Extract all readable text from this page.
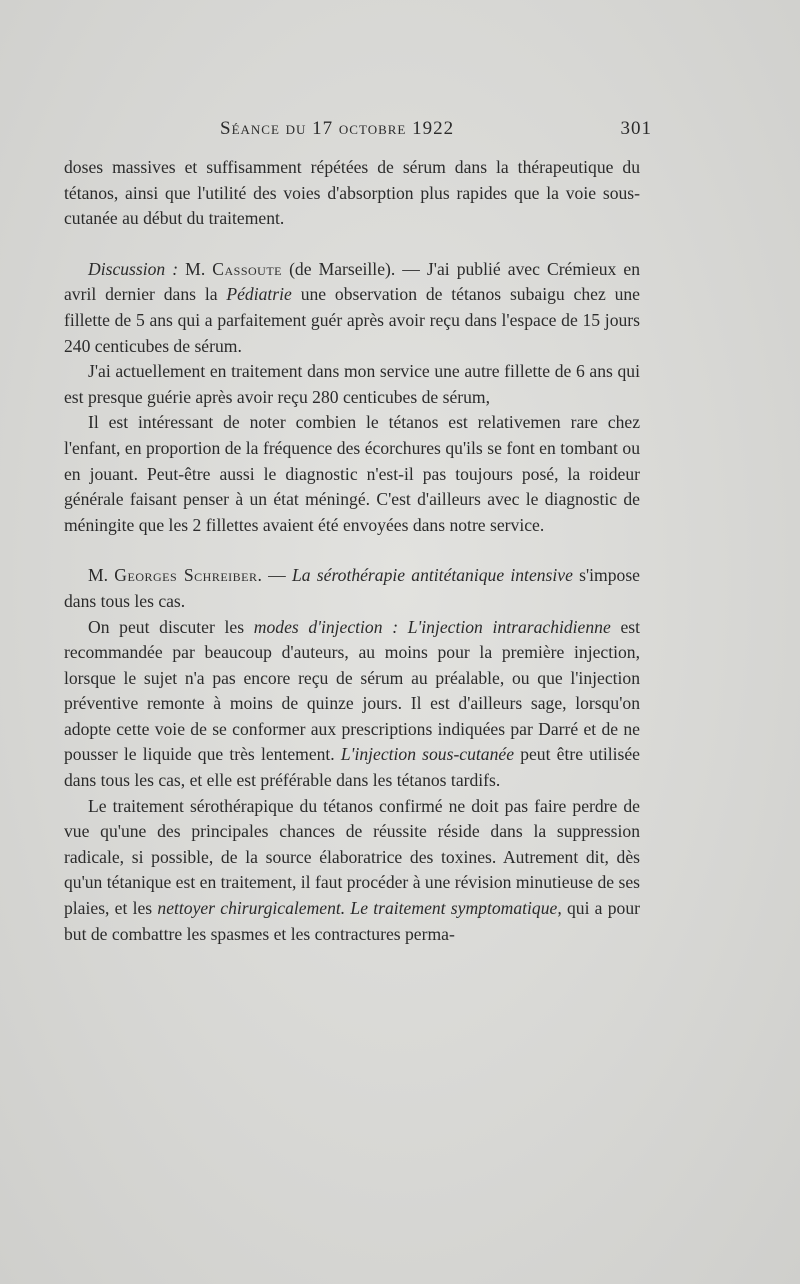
Séance du 17 octobre 1922	301

doses massives et suffisamment répétées de sérum dans la thérapeutique du tétanos, ainsi que l'utilité des voies d'absorption plus rapides que la voie sous-cutanée au début du traitement.

Discussion : M. Cassoute (de Marseille). — J'ai publié avec Crémieux en avril dernier dans la Pédiatrie une observation de tétanos subaigu chez une fillette de 5 ans qui a parfaitement guér après avoir reçu dans l'espace de 15 jours 240 centicubes de sérum.

J'ai actuellement en traitement dans mon service une autre fillette de 6 ans qui est presque guérie après avoir reçu 280 centicubes de sérum,

Il est intéressant de noter combien le tétanos est relativemen rare chez l'enfant, en proportion de la fréquence des écorchures qu'ils se font en tombant ou en jouant. Peut-être aussi le diagnostic n'est-il pas toujours posé, la roideur générale faisant penser à un état méningé. C'est d'ailleurs avec le diagnostic de méningite que les 2 fillettes avaient été envoyées dans notre service.

M. Georges Schreiber. — La sérothérapie antitétanique intensive s'impose dans tous les cas.

On peut discuter les modes d'injection : L'injection intrarachidienne est recommandée par beaucoup d'auteurs, au moins pour la première injection, lorsque le sujet n'a pas encore reçu de sérum au préalable, ou que l'injection préventive remonte à moins de quinze jours. Il est d'ailleurs sage, lorsqu'on adopte cette voie de se conformer aux prescriptions indiquées par Darré et de ne pousser le liquide que très lentement. L'injection sous-cutanée peut être utilisée dans tous les cas, et elle est préférable dans les tétanos tardifs.

Le traitement sérothérapique du tétanos confirmé ne doit pas faire perdre de vue qu'une des principales chances de réussite réside dans la suppression radicale, si possible, de la source élaboratrice des toxines. Autrement dit, dès qu'un tétanique est en traitement, il faut procéder à une révision minutieuse de ses plaies, et les nettoyer chirurgicalement. Le traitement symptomatique, qui a pour but de combattre les spasmes et les contractures perma-
